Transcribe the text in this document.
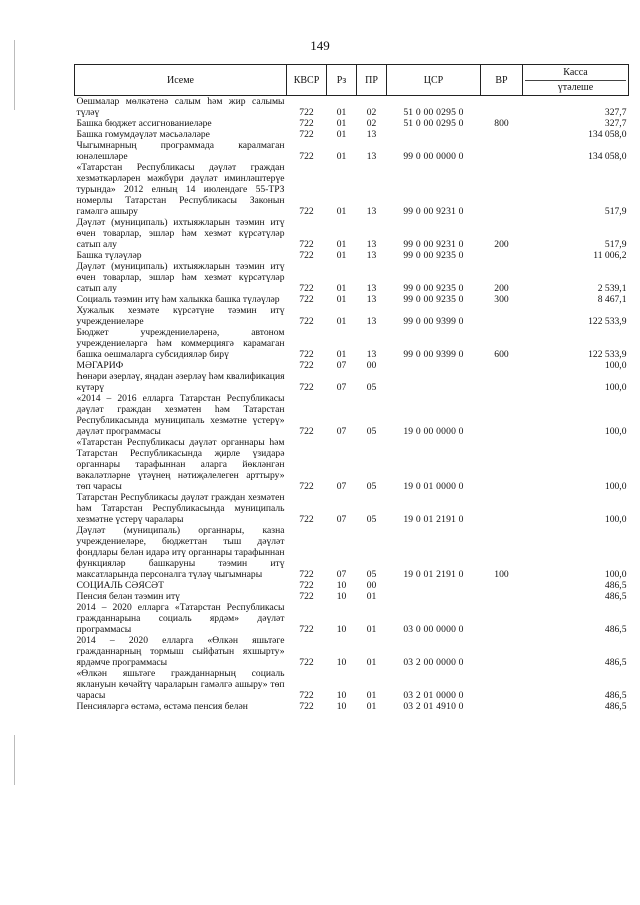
149
Исеме	КВСР	Рз	ПР	ЦСР	ВР	Касса
үтәлеше

Оешмалар мөлкәтенә салым һәм жир салымы түләү	722	01	02	51 0 00 0295 0		327,7
Башка бюджет ассигнованиеләре	722	01	02	51 0 00 0295 0	800	327,7
Башка гомумдәүләт мәсьәләләре	722	01	13			134 058,0
Чыгымнарның программада каралмаган юнәлешләре	722	01	13	99 0 00 0000 0		134 058,0
«Татарстан Республикасы дәүләт граждан хезмәткәрләрен мәжбүри дәүләт иминләштерүе турында» 2012 елның 14 июлендәге 55-ТРЗ номерлы Татарстан Республикасы Законын гамәлгә ашыру	722	01	13	99 0 00 9231 0		517,9
Дәүләт (муниципаль) ихтыяжларын тәэмин итү өчен товарлар, эшләр һәм хезмәт күрсәтүләр сатып алу	722	01	13	99 0 00 9231 0	200	517,9
Башка түләүләр	722	01	13	99 0 00 9235 0		11 006,2
Дәүләт (муниципаль) ихтыяжларын тәэмин итү өчен товарлар, эшләр һәм хезмәт күрсәтүләр сатып алу	722	01	13	99 0 00 9235 0	200	2 539,1
Социаль тәэмин итү һәм халыкка башка түләүләр	722	01	13	99 0 00 9235 0	300	8 467,1
Хужалык хезмәте күрсәтүне тәэмин итү учреждениеләре	722	01	13	99 0 00 9399 0		122 533,9
Бюджет учреждениеләренә, автоном учреждениеләргә һәм коммерциягә карамаган башка оешмаларга субсидияләр бирү	722	01	13	99 0 00 9399 0	600	122 533,9
МӘГАРИФ	722	07	00			100,0
Һөнәри әзерләү, яңадан әзерләү һәм квалификация күтәрү	722	07	05			100,0
«2014 – 2016 елларга Татарстан Республикасы дәүләт граждан хезмәтен һәм Татарстан Республикасында муниципаль хезмәтне үстерү» дәүләт программасы	722	07	05	19 0 00 0000 0		100,0
«Татарстан Республикасы дәүләт органнары һәм Татарстан Республикасында җирле үзидарә органнары тарафыннан аларга йөкләнгән вәкаләтләрне үтәүнең нәтиҗәлелеген арттыру» төп чарасы	722	07	05	19 0 01 0000 0		100,0
Татарстан Республикасы дәүләт граждан хезмәтен һәм Татарстан Республикасында муниципаль хезмәтне үстерү чаралары	722	07	05	19 0 01 2191 0		100,0
Дәүләт (муниципаль) органнары, казна учреждениеләре, бюджеттан тыш дәүләт фондлары белән идарә итү органнары тарафыннан функцияләр башкаруны тәэмин итү максатларында персоналга түләү чыгымнары	722	07	05	19 0 01 2191 0	100	100,0
СОЦИАЛЬ СӘЯСӘТ	722	10	00			486,5
Пенсия белән тәэмин итү	722	10	01			486,5
2014 – 2020 елларга «Татарстан Республикасы гражданнарына социаль ярдәм» дәүләт программасы	722	10	01	03 0 00 0000 0		486,5
2014 – 2020 елларга «Өлкән яшьтәге гражданнарның тормыш сыйфатын яхшырту» ярдәмче программасы	722	10	01	03 2 00 0000 0		486,5
«Өлкән яшьтәге гражданнарның социаль яклануын көчәйтү чараларын гамәлгә ашыру» төп чарасы	722	10	01	03 2 01 0000 0		486,5
Пенсияләргә өстәмә, өстәмә пенсия белән	722	10	01	03 2 01 4910 0		486,5
